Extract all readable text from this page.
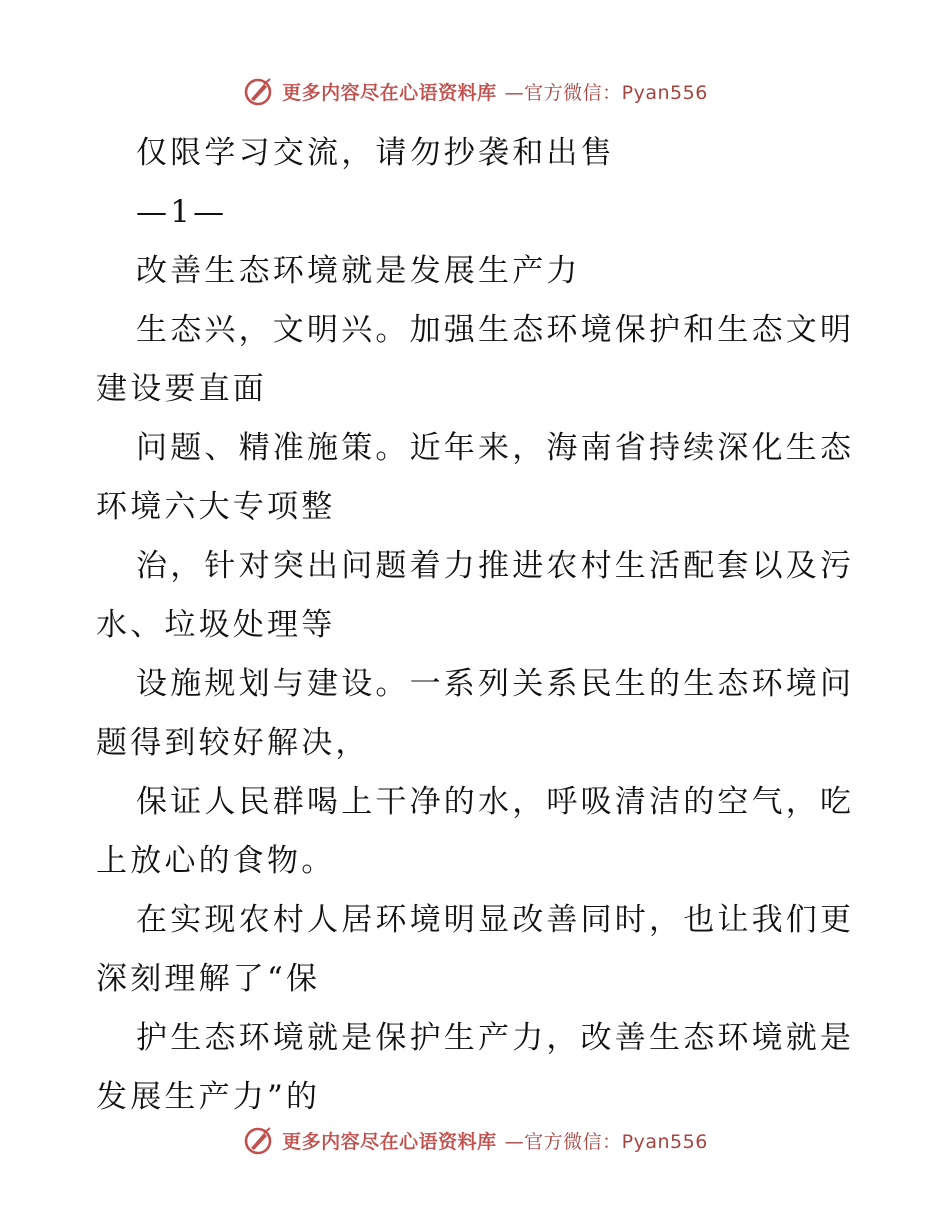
更多内容尽在心语资料库 —官方微信：Pyan556
仅限学习交流，请勿抄袭和出售
—1—
改善生态环境就是发展生产力
生态兴，文明兴。加强生态环境保护和生态文明
建设要直面
问题、精准施策。近年来，海南省持续深化生态
环境六大专项整
治，针对突出问题着力推进农村生活配套以及污
水、垃圾处理等
设施规划与建设。一系列关系民生的生态环境问
题得到较好解决，
保证人民群喝上干净的水，呼吸清洁的空气，吃
上放心的食物。
在实现农村人居环境明显改善同时，也让我们更
深刻理解了“保
护生态环境就是保护生产力，改善生态环境就是
发展生产力”的
更多内容尽在心语资料库 —官方微信：Pyan556
